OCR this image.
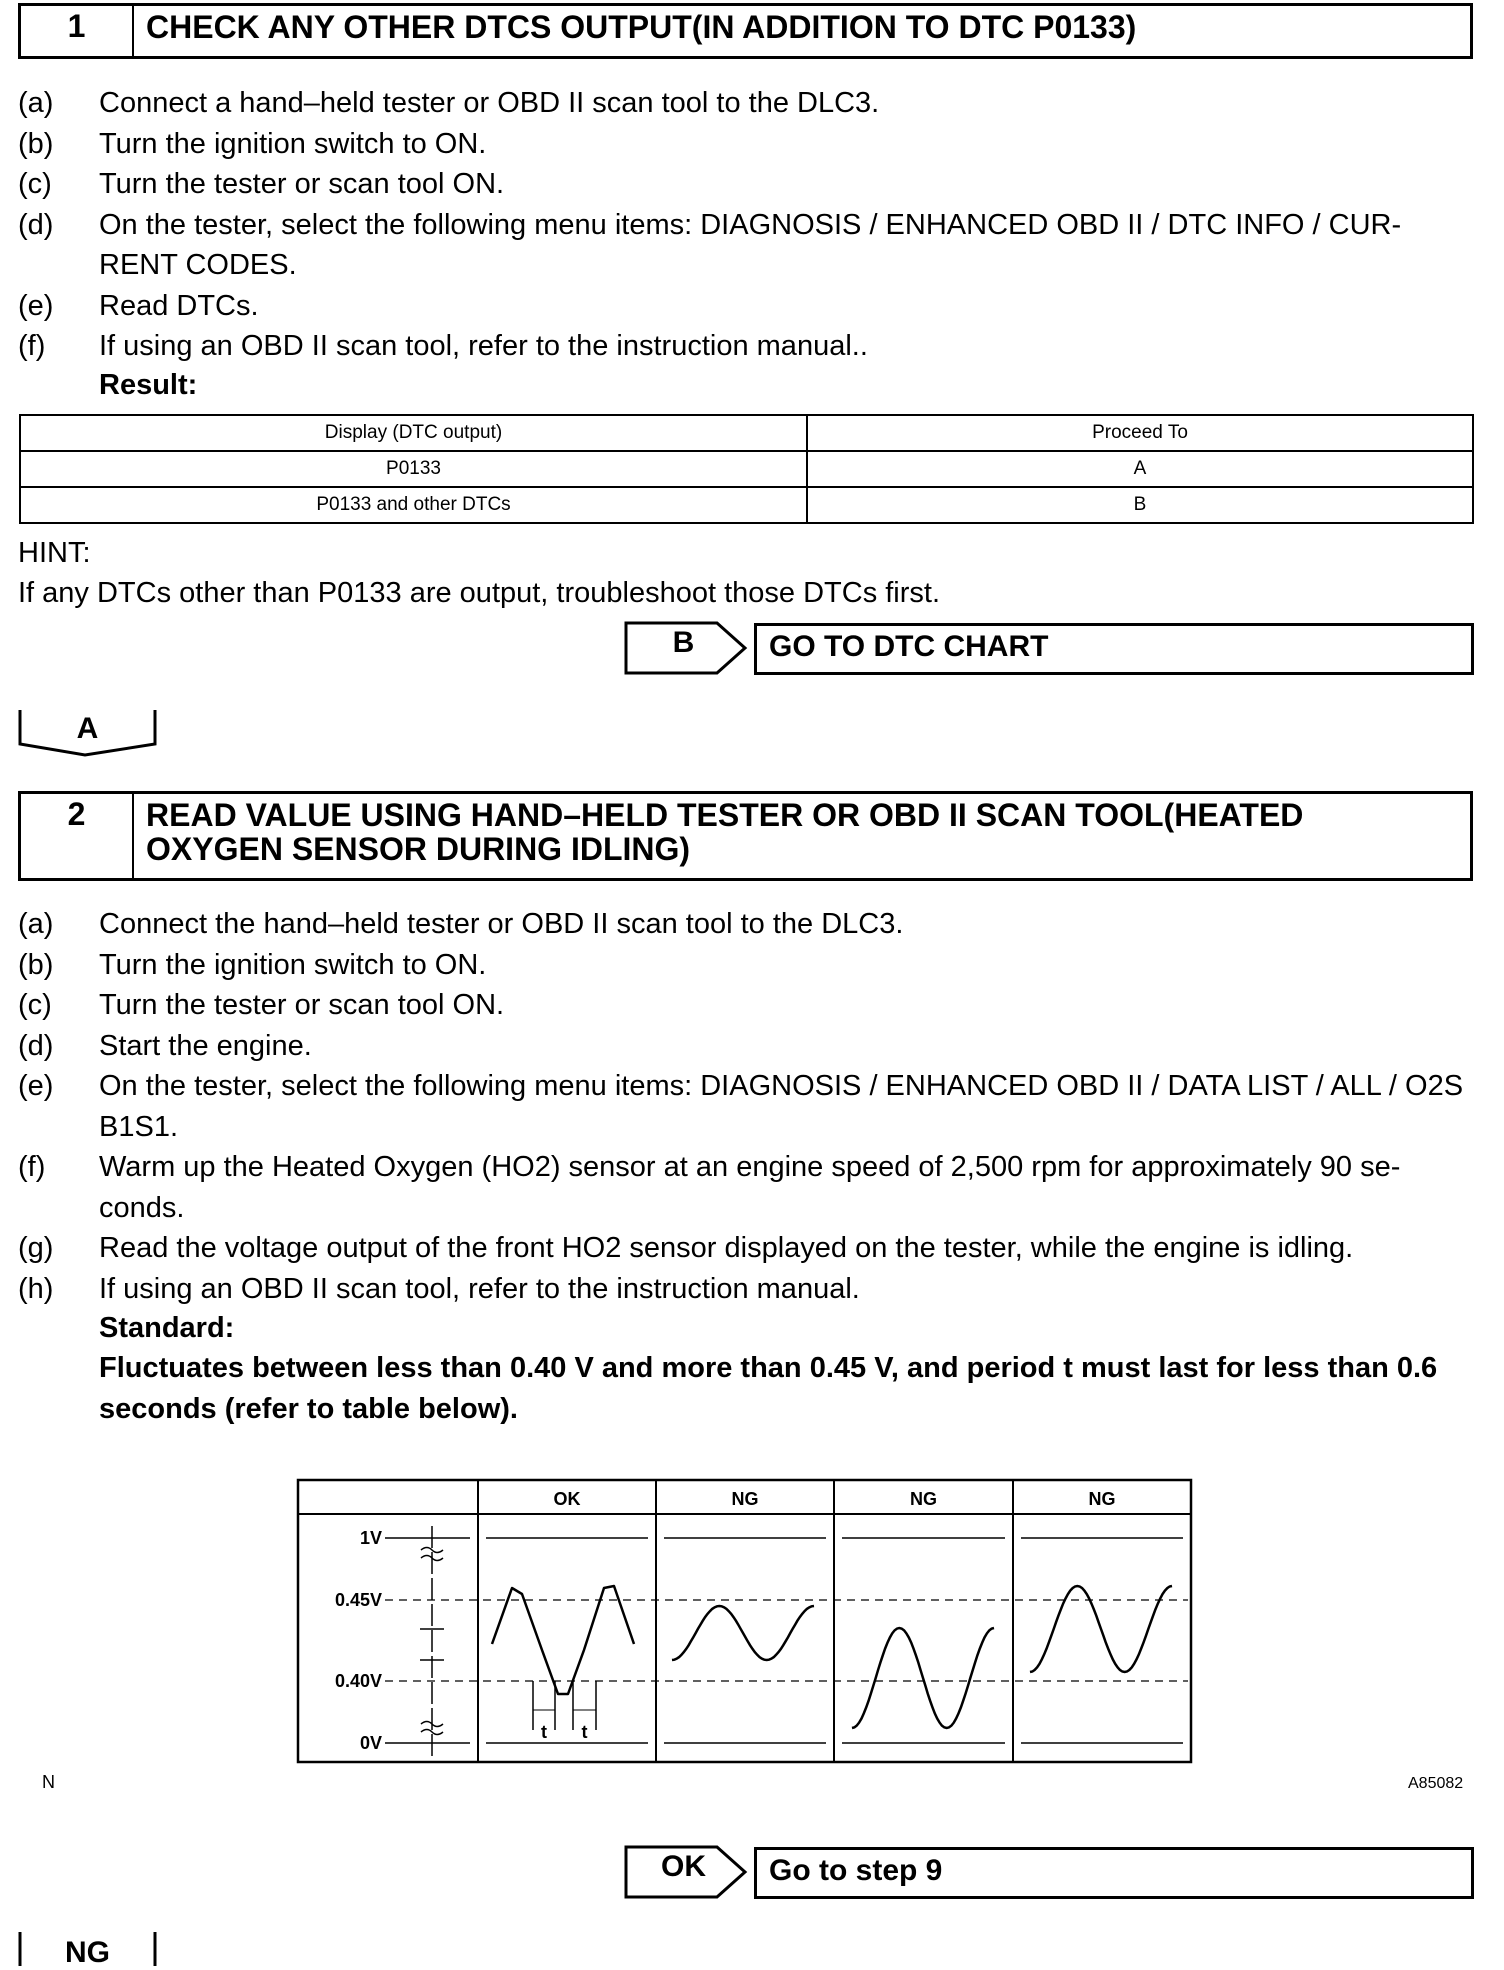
1	CHECK ANY OTHER DTCS OUTPUT(IN ADDITION TO DTC P0133)
(a)	Connect a hand–held tester or OBD II scan tool to the DLC3.
(b)	Turn the ignition switch to ON.
(c)	Turn the tester or scan tool ON.
(d)	On the tester, select the following menu items: DIAGNOSIS / ENHANCED OBD II / DTC INFO / CUR-RENT CODES.
(e)	Read DTCs.
(f)	If using an OBD II scan tool, refer to the instruction manual..
Result:
Display (DTC output)	Proceed To
P0133	A
P0133 and other DTCs	B
HINT:
If any DTCs other than P0133 are output, troubleshoot those DTCs first.
B	GO TO DTC CHART
A
2	READ VALUE USING HAND–HELD TESTER OR OBD II SCAN TOOL(HEATED
OXYGEN SENSOR DURING IDLING)
(a)	Connect the hand–held tester or OBD II scan tool to the DLC3.
(b)	Turn the ignition switch to ON.
(c)	Turn the tester or scan tool ON.
(d)	Start the engine.
(e)	On the tester, select the following menu items: DIAGNOSIS / ENHANCED OBD II / DATA LIST / ALL / O2S B1S1.
(f)	Warm up the Heated Oxygen (HO2) sensor at an engine speed of 2,500 rpm for approximately 90 se-conds.
(g)	Read the voltage output of the front HO2 sensor displayed on the tester, while the engine is idling.
(h)	If using an OBD II scan tool, refer to the instruction manual.
Standard:
Fluctuates between less than 0.40 V and more than 0.45 V, and period t must last for less than 0.6 seconds (refer to table below).
OK	NG	NG	NG
1V
0.45V
0.40V
0V
t t
N	A85082
OK	Go to step 9
NG
